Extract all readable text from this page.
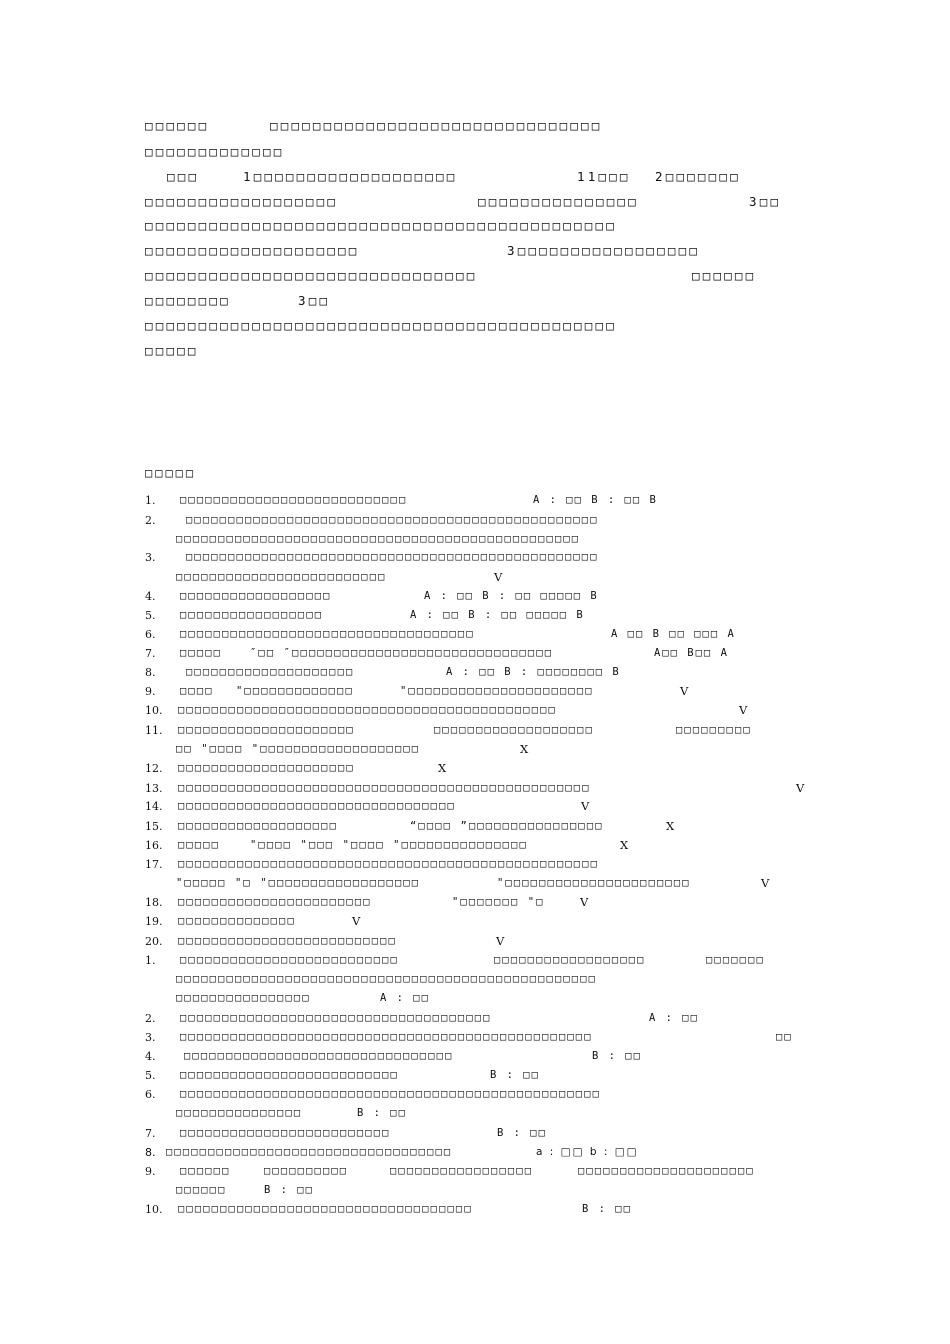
□□□□□□	□□□□□□□□□□□□□□□□□□□□□□□□□□□□□□□
□□□□□□□□□□□□□
□□□	1□□□□□□□□□□□□□□□□□□□	11□□□ 2□□□□□□□
□□□□□□□□□□□□□□□□□□	□□□□□□□□□□□□□□□	3□□
□□□□□□□□□□□□□□□□□□□□□□□□□□□□□□□□□□□□□□□□□□□□
□□□□□□□□□□□□□□□□□□□□	3□□□□□□□□□□□□□□□□□
□□□□□□□□□□□□□□□□□□□□□□□□□□□□□□□	□□□□□□
□□□□□□□□	3□□
□□□□□□□□□□□□□□□□□□□□□□□□□□□□□□□□□□□□□□□□□□□□
□□□□□
□□□□□
1. □□□□□□□□□□□□□□□□□□□□□□□□□□□	A : □□ B : □□ B
2.	□□□□□□□□□□□□□□□□□□□□□□□□□□□□□□□□□□□□□□□□□□□□□□□□□
□□□□□□□□□□□□□□□□□□□□□□□□□□□□□□□□□□□□□□□□□□□□□□□□
3.	□□□□□□□□□□□□□□□□□□□□□□□□□□□□□□□□□□□□□□□□□□□□□□□□□
□□□□□□□□□□□□□□□□□□□□□□□□□	V
4. □□□□□□□□□□□□□□□□□□	A : □□ B : □□ □□□□□ B
5. □□□□□□□□□□□□□□□□□	A : □□ B : □□ □□□□□ B
6. □□□□□□□□□□□□□□□□□□□□□□□□□□□□□□□□□□□	A □□ B □□ □□□ A
7. □□□□□	″□□ ″□□□□□□□□□□□□□□□□□□□□□□□□□□□□□□□	A□□ B□□ A
8.	□□□□□□□□□□□□□□□□□□□□	A : □□ B : □□□□□□□□ B
9. □□□□ "□□□□□□□□□□□□□	"□□□□□□□□□□□□□□□□□□□□□□	V
10. □□□□□□□□□□□□□□□□□□□□□□□□□□□□□□□□□□□□□□□□□□□□□	V
11. □□□□□□□□□□□□□□□□□□□□□	□□□□□□□□□□□□□□□□□□□	□□□□□□□□□
□□ "□□□□ "□□□□□□□□□□□□□□□□□□□	X
12. □□□□□□□□□□□□□□□□□□□□□	X
13. □□□□□□□□□□□□□□□□□□□□□□□□□□□□□□□□□□□□□□□□□□□□□□□□□	V
14. □□□□□□□□□□□□□□□□□□□□□□□□□□□□□□□□□	V
15. □□□□□□□□□□□□□□□□□□□	“□□□□ ”□□□□□□□□□□□□□□□□	X
16. □□□□□	"□□□□ "□□□ "□□□□ "□□□□□□□□□□□□□□□	X
17. □□□□□□□□□□□□□□□□□□□□□□□□□□□□□□□□□□□□□□□□□□□□□□□□□□
"□□□□□ "□ "□□□□□□□□□□□□□□□□□□	"□□□□□□□□□□□□□□□□□□□□□□	V
18. □□□□□□□□□□□□□□□□□□□□□□□	"□□□□□□□ "□	V
19. □□□□□□□□□□□□□□	V
20. □□□□□□□□□□□□□□□□□□□□□□□□□□	V
1. □□□□□□□□□□□□□□□□□□□□□□□□□□	□□□□□□□□□□□□□□□□□□	□□□□□□□
□□□□□□□□□□□□□□□□□□□□□□□□□□□□□□□□□□□□□□□□□□□□□□□□□□
□□□□□□□□□□□□□□□□	A : □□
2. □□□□□□□□□□□□□□□□□□□□□□□□□□□□□□□□□□□□□	A : □□
3. □□□□□□□□□□□□□□□□□□□□□□□□□□□□□□□□□□□□□□□□□□□□□□□□□	□□
4.	□□□□□□□□□□□□□□□□□□□□□□□□□□□□□□□□	B : □□
5. □□□□□□□□□□□□□□□□□□□□□□□□□□	B : □□
6. □□□□□□□□□□□□□□□□□□□□□□□□□□□□□□□□□□□□□□□□□□□□□□□□□□
□□□□□□□□□□□□□□□	B : □□
7. □□□□□□□□□□□□□□□□□□□□□□□□□	B : □□
8. □□□□□□□□□□□□□□□□□□□□□□□□□□□□□□□□□□	a : □□ b : □□
9. □□□□□□	□□□□□□□□□□	□□□□□□□□□□□□□□□□□	□□□□□□□□□□□□□□□□□□□□□
□□□□□□	B : □□
10. □□□□□□□□□□□□□□□□□□□□□□□□□□□□□□□□□□□	B : □□
